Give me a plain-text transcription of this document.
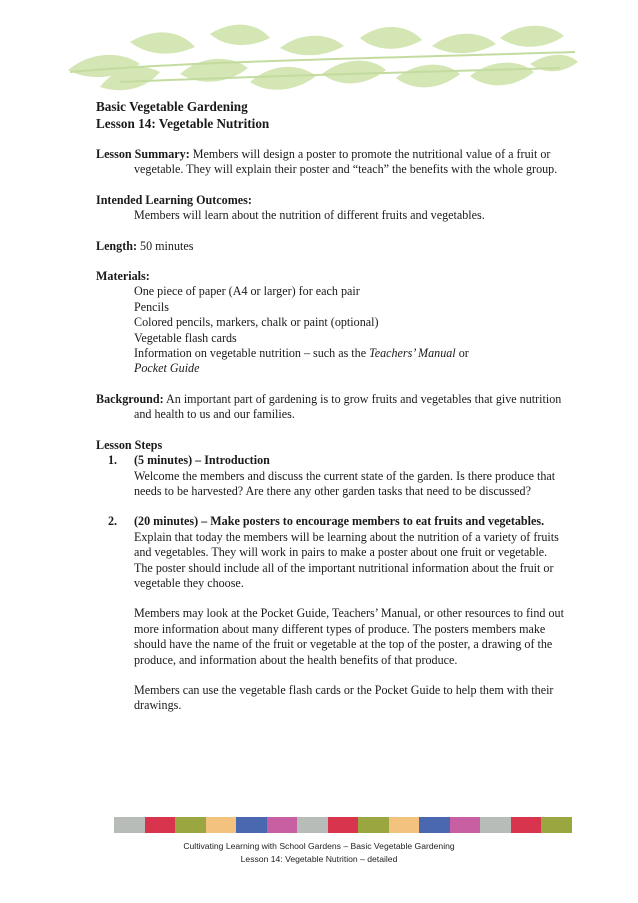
Basic Vegetable Gardening
Lesson 14: Vegetable Nutrition
Lesson Summary: Members will design a poster to promote the nutritional value of a fruit or vegetable. They will explain their poster and “teach” the benefits with the whole group.
Intended Learning Outcomes:
Members will learn about the nutrition of different fruits and vegetables.
Length: 50 minutes
Materials:
One piece of paper (A4 or larger) for each pair
Pencils
Colored pencils, markers, chalk or paint (optional)
Vegetable flash cards
Information on vegetable nutrition – such as the Teachers’ Manual or
Pocket Guide
Background: An important part of gardening is to grow fruits and vegetables that give nutrition and health to us and our families.
Lesson Steps
1. (5 minutes) – Introduction
Welcome the members and discuss the current state of the garden. Is there produce that needs to be harvested? Are there any other garden tasks that need to be discussed?
2. (20 minutes) – Make posters to encourage members to eat fruits and vegetables.
Explain that today the members will be learning about the nutrition of a variety of fruits and vegetables. They will work in pairs to make a poster about one fruit or vegetable. The poster should include all of the important nutritional information about the fruit or vegetable they choose.
Members may look at the Pocket Guide, Teachers’ Manual, or other resources to find out more information about many different types of produce. The posters members make should have the name of the fruit or vegetable at the top of the poster, a drawing of the produce, and information about the health benefits of that produce.
Members can use the vegetable flash cards or the Pocket Guide to help them with their drawings.
Cultivating Learning with School Gardens – Basic Vegetable Gardening
Lesson 14: Vegetable Nutrition – detailed
